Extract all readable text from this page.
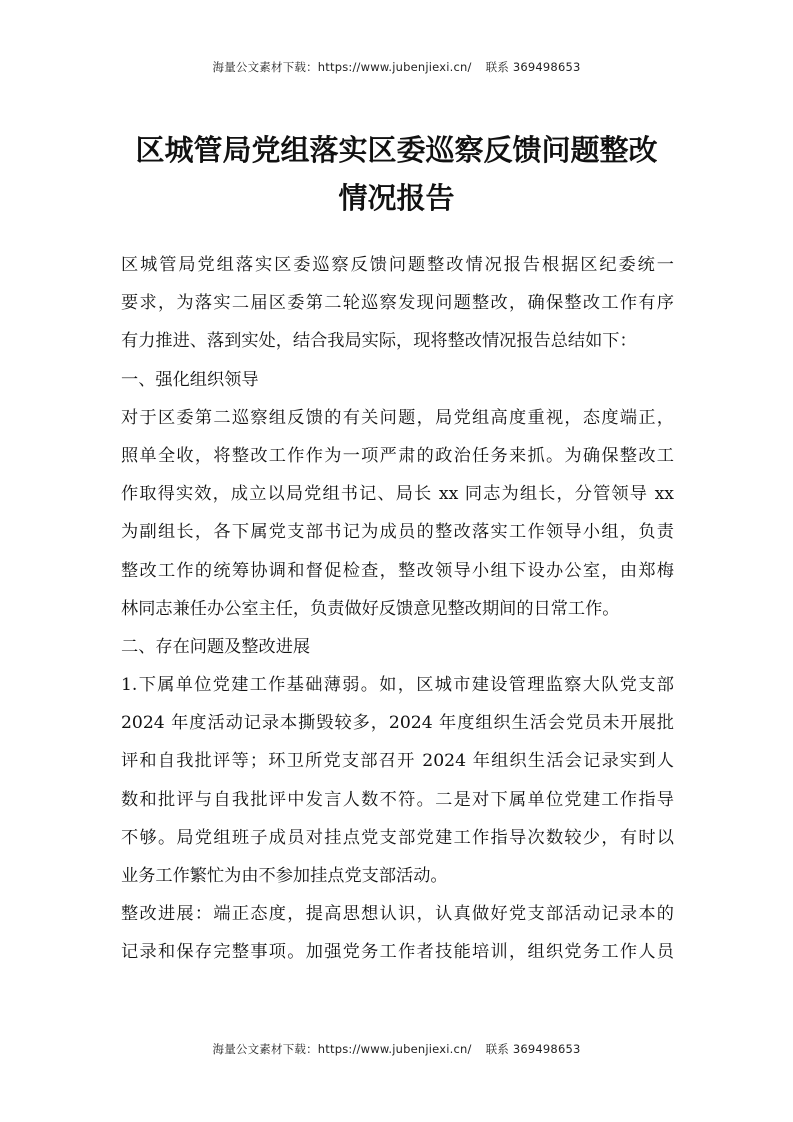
海量公文素材下载：https://www.jubenjiexi.cn/ 联系 369498653
区城管局党组落实区委巡察反馈问题整改
情况报告
区城管局党组落实区委巡察反馈问题整改情况报告根据区纪委统一
要求，为落实二届区委第二轮巡察发现问题整改，确保整改工作有序
有力推进、落到实处，结合我局实际，现将整改情况报告总结如下：
一、强化组织领导
对于区委第二巡察组反馈的有关问题，局党组高度重视，态度端正，
照单全收，将整改工作作为一项严肃的政治任务来抓。为确保整改工
作取得实效，成立以局党组书记、局长 xx 同志为组长，分管领导 xx
为副组长，各下属党支部书记为成员的整改落实工作领导小组，负责
整改工作的统筹协调和督促检查，整改领导小组下设办公室，由郑梅
林同志兼任办公室主任，负责做好反馈意见整改期间的日常工作。
二、存在问题及整改进展
1.下属单位党建工作基础薄弱。如，区城市建设管理监察大队党支部
2024 年度活动记录本撕毁较多，2024 年度组织生活会党员未开展批
评和自我批评等；环卫所党支部召开 2024 年组织生活会记录实到人
数和批评与自我批评中发言人数不符。二是对下属单位党建工作指导
不够。局党组班子成员对挂点党支部党建工作指导次数较少，有时以
业务工作繁忙为由不参加挂点党支部活动。
整改进展：端正态度，提高思想认识，认真做好党支部活动记录本的
记录和保存完整事项。加强党务工作者技能培训，组织党务工作人员
海量公文素材下载：https://www.jubenjiexi.cn/ 联系 369498653
